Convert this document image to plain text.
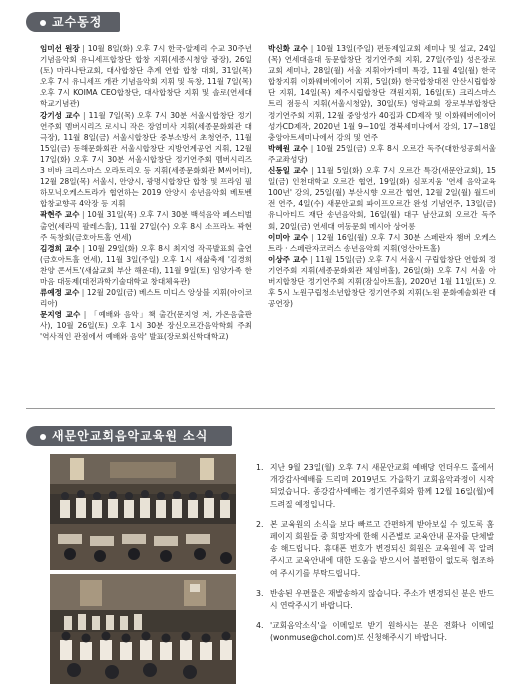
교수동정

임미선 원장 | 10월 8일(화) 오후 7시 한국-알제리 수교 30주년 기념음악회 유니세프합창단 합창 지휘(세종시청앙 광장), 26일(토) 마라나탄교회, 대사합창단 추계 연합 합창 대회, 31일(목) 오후 7시 유니세프 개관 기념음악회 지휘 및 독창, 11월 7일(목) 오후 7시 KOIMA CEO합창단, 대사합창단 지휘 및 솔로(연세대학교기념관)

강기성 교수 | 11월 7일(목) 오후 7시 30분 서울시합창단 정기연주회 멤버시리즈 로시니 작은 장엄미사 지휘(세종문화회관 대극장), 11월 8일(금) 서울시합창단 중부소방서 초청연주, 11월 15일(금) 동해문화회관 서울시합창단 지방연계공연 지휘, 12월 17일(화) 오후 7시 30분 서울시합창단 정기연주회 멤버시리즈 3 비바 크리스마스 오라토리오 등 지휘(세종문화회관 M씨어터), 12월 28일(목) 서울시, 안양시, 광명시합창단 합창 및 프라임 필하모닉오케스트라가 협연하는 2019 안양시 송년음악회 베토벤 합창교향곡 4악장 등 지휘

곽현주 교수 | 10월 31일(목) 오후 7시 30분 백석음악 페스티벌 출연(세라믹 팔레스홀), 11월 27일(수) 오후 8시 소프라노 곽현주 독창회(금호아트홀 연세)

김경희 교수 | 10월 29일(화) 오후 8시 최지영 작곡발표회 출연(금호아트홀 연세), 11월 3일(주일) 오후 1시 새삶축제 '김경희 찬양 콘서트'(새삶교회 부산 해운대), 11월 9일(토) 임양가족 한마음 대동제(대전과학기술대학교 창대체육관)

류예정 교수 | 12월 20일(금) 베스트 미디스 앙상블 지휘(아이코리아)

문지영 교수 | 「예배와 음악」책 출간(문지영 저, 가온음출판사), 10월 26일(토) 오후 1시 30분 장신오르간음악학회 주최 '역사적인 관점에서 예배와 음악' 발표(장로회신학대학교)

박신화 교수 | 10월 13일(주일) 편동제일교회 세미나 및 설교, 24일(목) 연세대음대 동문합창단 정기연주회 지휘, 27일(주일) 성은장로교회 세미나, 28일(월) 서울 지휘아카데미 특강, 11월 4일(월) 한국합창지휘 이화웨버에이어 지휘, 5일(화) 한국합창대전 안산시립합창단 지휘, 14일(목) 제주시립합창단 객원지휘, 16일(토) 크리스마스 트리 점등식 지휘(서울시청앞), 30일(토) 영락교회 장로부부합창단 정기연주회 지휘, 12월 중앙성가 40집과 CD제작 및 이화웨버에이어 성가CD제작, 2020년 1월 9~10일 경북세미나에서 강의, 17~18일 충앙아트세미나에서 강의 및 연주

박혜원 교수 | 10월 25일(금) 오후 8시 오르간 독주(대한성공회서울주교좌성당)

신동일 교수 | 11월 5일(화) 오후 7시 오르간 특강(새문안교회), 15일(금) 인천대학교 오르간 협연, 19일(화) 심포지움 '연세 음악교육 100년' 강의, 25일(월) 부산시향 오르간 협연, 12월 2일(월) 월드비전 연주, 4일(수) 새문안교회 파이프오르간 완성 기념연주, 13일(금) 유니아티드 재단 송년음악회, 16일(월) 대구 남산교회 오르간 독주회, 20일(금) 연세대 여동문회 메시아 상어롱

이미아 교수 | 12월 16일(월) 오후 7시 30분 스페란자 챔버 오케스트라 · 스페란자코러스 송년음악회 지휘(영산아트홀)

이상주 교수 | 11월 15일(금) 오후 7시 서울시 구립합창단 연합회 정기연주회 지휘(세종문화회관 체임버홀), 26일(화) 오후 7시 서울 아버지합창단 정기연주회 지휘(잠실아트홀), 2020년 1월 11일(토) 오후 5시 노원구립청소년합창단 정기연주회 지휘(노원 문화예술회관 대공연장)

새문안교회음악교육원 소식
1. 지난 9월 23일(월) 오후 7시 새문안교회 예배당 언더우드 홀에서 개강감사예배를 드리며 2019년도 가을학기 교회음악과정이 시작되었습니다. 종강감사예배는 정기연주회와 함께 12월 16일(월)에 드려질 예정입니다.
2. 본 교육원의 소식을 보다 빠르고 간편하게 받아보실 수 있도록 홈페이지 회원들 중 희망자에 한해 시즌별로 교육안내 문자를 단체발송 해드립니다. 휴대폰 번호가 변경되신 회원은 교육원에 꼭 알려주시고 교육안내에 대한 도움을 받으시어 불편함이 없도록 협조하여 주시기를 부탁드립니다.
3. 반송된 우편물은 재발송하지 않습니다. 주소가 변경되신 분은 반드시 연락주시기 바랍니다.
4. '교회음악소식'을 이메일로 받기 원하시는 분은 전화나 이메일(wonmuse@chol.com)로 신청해주시기 바랍니다.
